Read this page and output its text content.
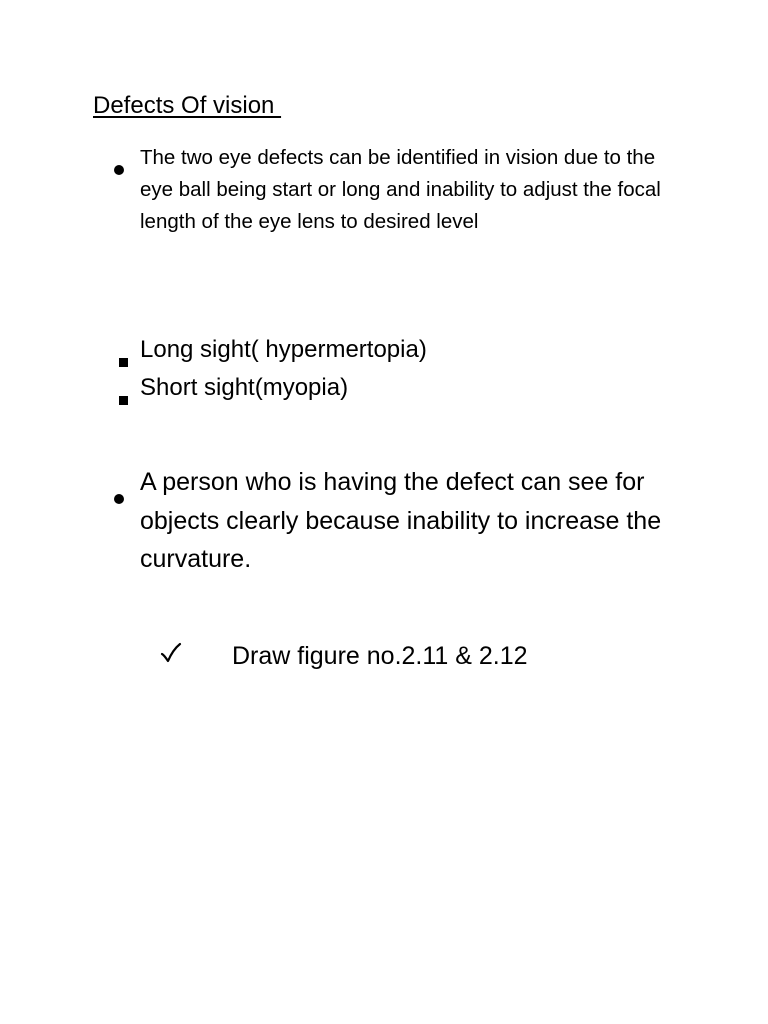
Defects Of vision
The two eye defects can be identified in vision due to the eye ball being start or long and inability to adjust the focal length of the eye lens to desired level
Long sight( hypermertopia)
Short sight(myopia)
A person who is having the defect can see for objects clearly because inability to increase the curvature.
Draw figure no.2.11 & 2.12
